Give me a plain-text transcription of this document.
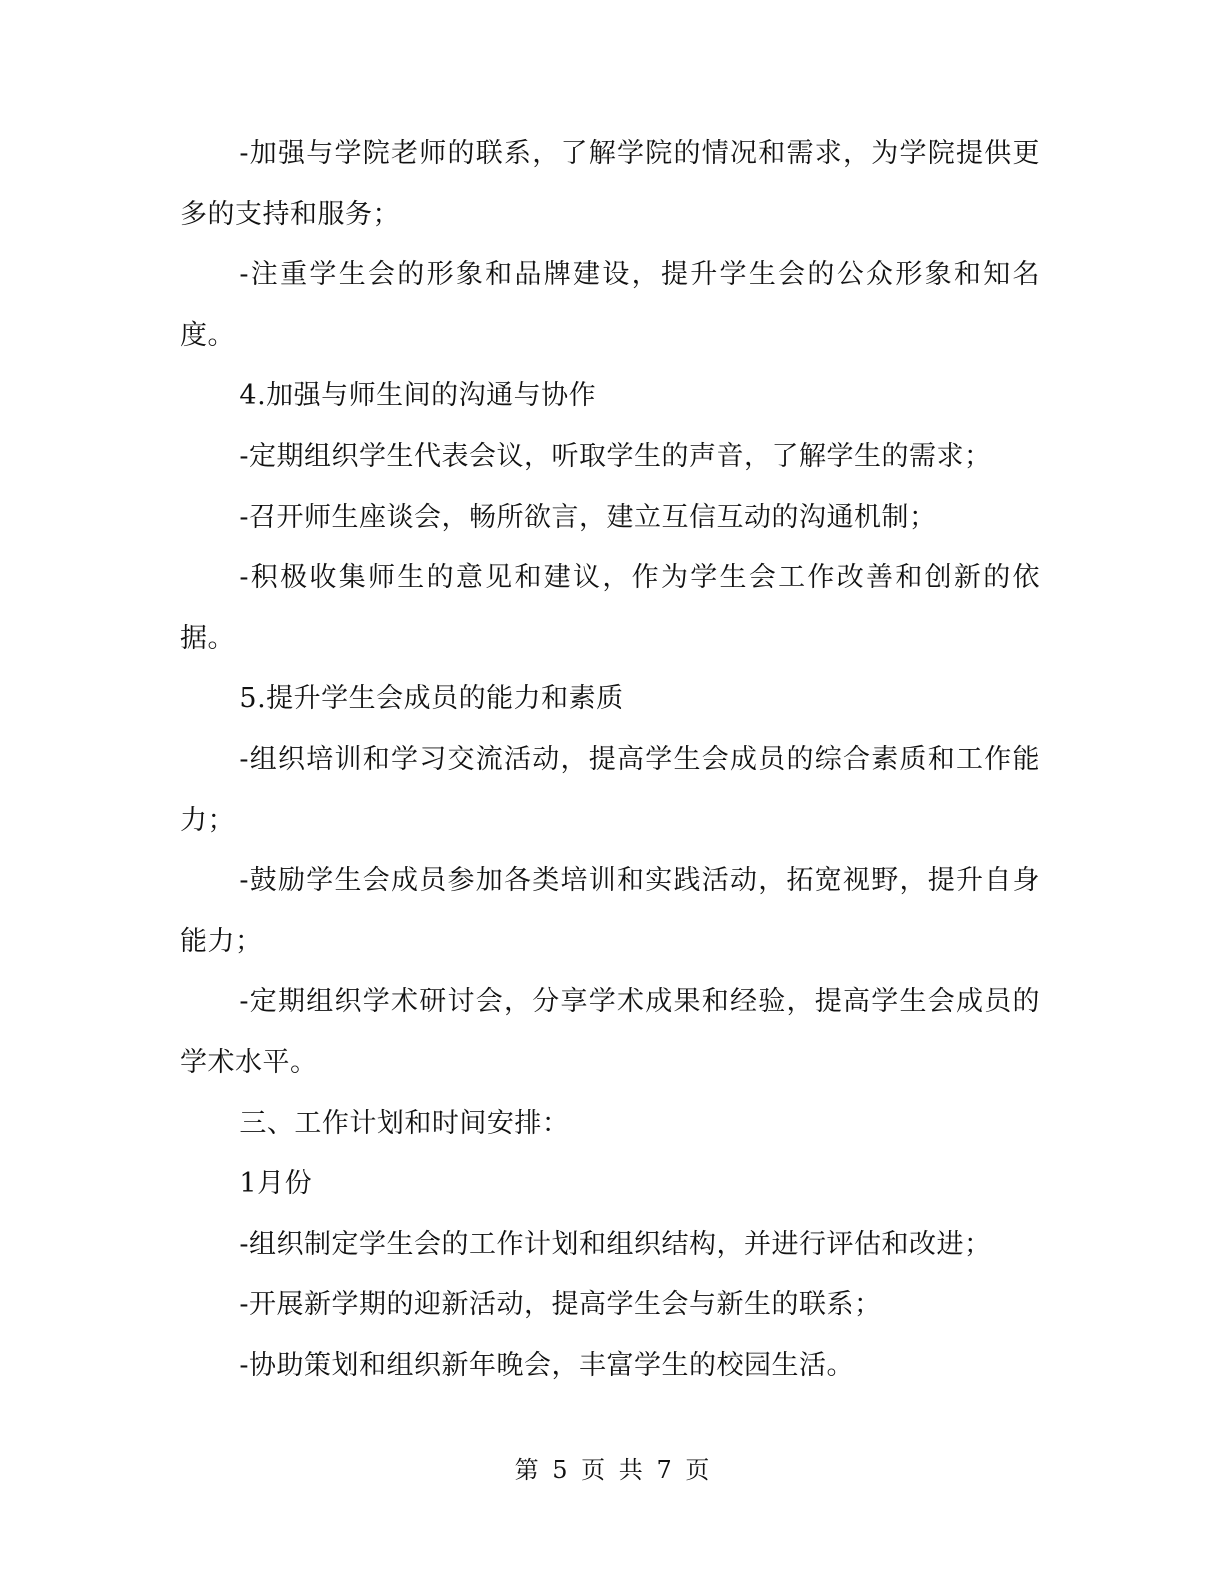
-加强与学院老师的联系，了解学院的情况和需求，为学院提供更多的支持和服务；

-注重学生会的形象和品牌建设，提升学生会的公众形象和知名度。

4.加强与师生间的沟通与协作

-定期组织学生代表会议，听取学生的声音，了解学生的需求；

-召开师生座谈会，畅所欲言，建立互信互动的沟通机制；

-积极收集师生的意见和建议，作为学生会工作改善和创新的依据。

5.提升学生会成员的能力和素质

-组织培训和学习交流活动，提高学生会成员的综合素质和工作能力；

-鼓励学生会成员参加各类培训和实践活动，拓宽视野，提升自身能力；

-定期组织学术研讨会，分享学术成果和经验，提高学生会成员的学术水平。

三、工作计划和时间安排：

1月份

-组织制定学生会的工作计划和组织结构，并进行评估和改进；

-开展新学期的迎新活动，提高学生会与新生的联系；

-协助策划和组织新年晚会，丰富学生的校园生活。

第 5 页 共 7 页
